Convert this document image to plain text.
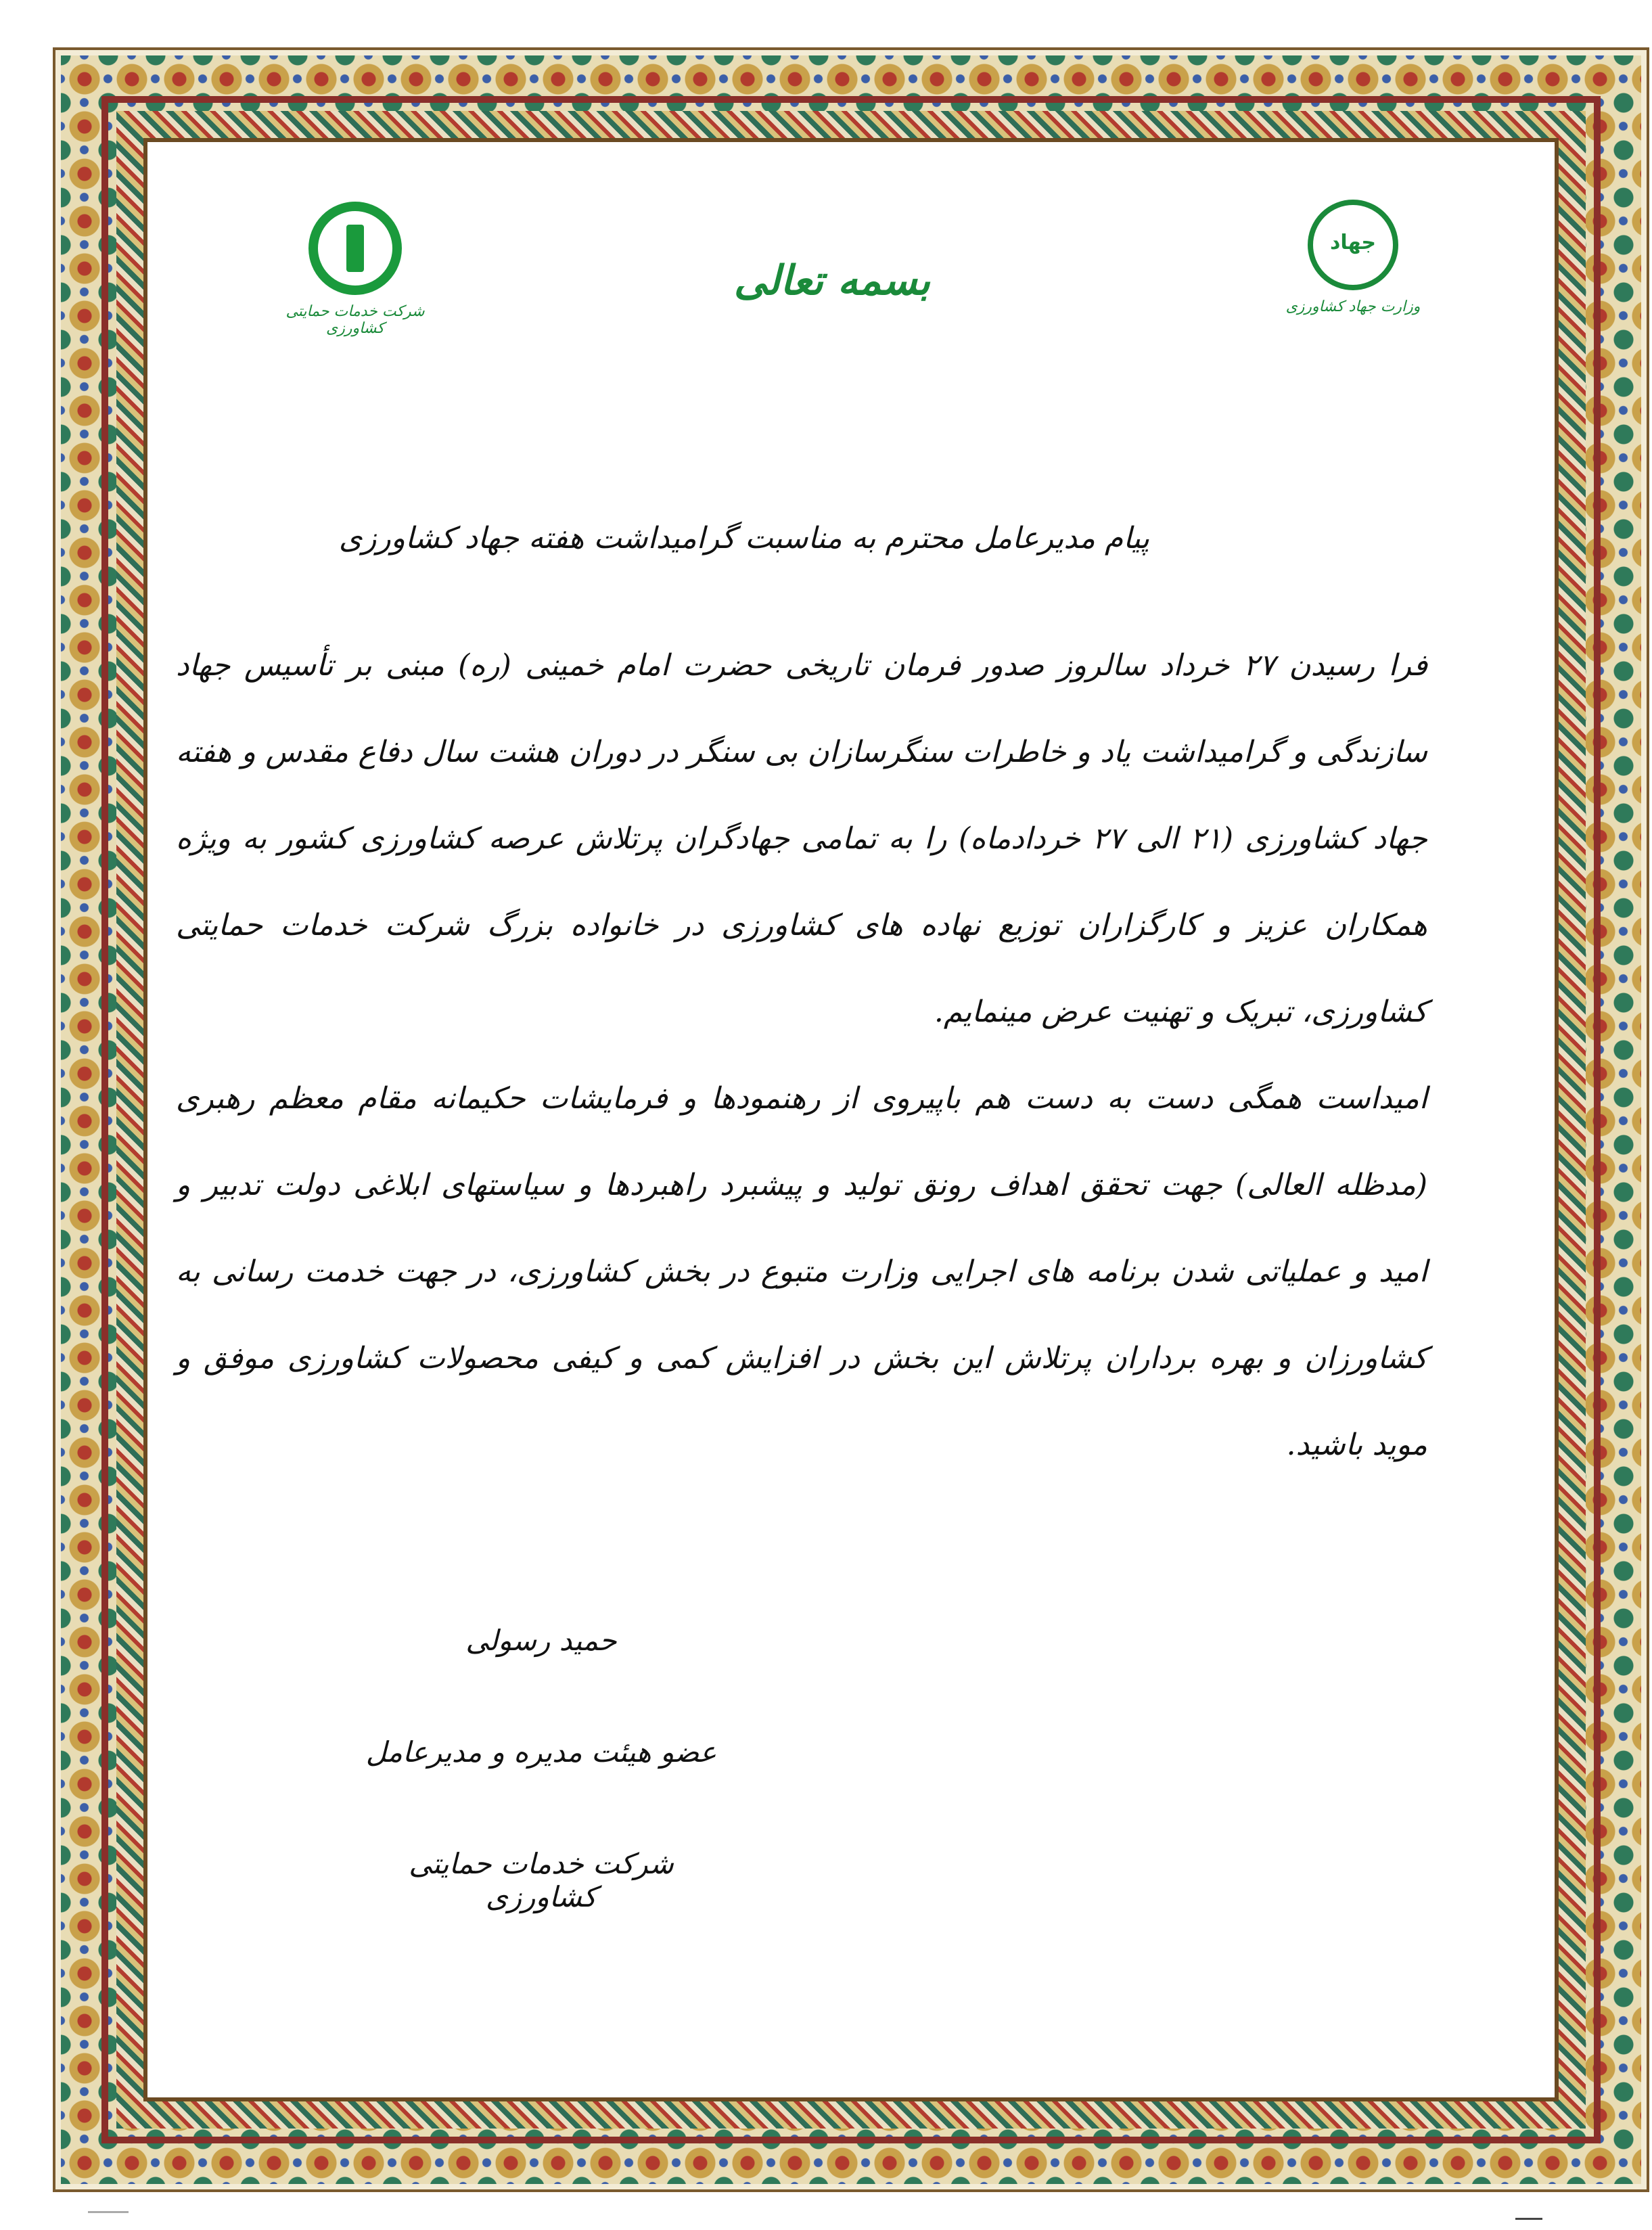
شرکت خدمات حمایتی کشاورزی
بسمه تعالی
جهاد
وزارت جهاد کشاورزی
پیام مدیرعامل محترم به مناسبت گرامیداشت هفته جهاد کشاورزی
فرا رسیدن ۲۷ خرداد سالروز صدور فرمان تاریخی حضرت امام خمینی (ره) مبنی بر تأسیس جهاد سازندگی و گرامیداشت یاد و خاطرات سنگرسازان بی سنگر در دوران هشت سال دفاع مقدس و هفته جهاد کشاورزی (۲۱ الی ۲۷ خردادماه) را به تمامی جهادگران پرتلاش عرصه کشاورزی کشور به ویژه همکاران عزیز و کارگزاران توزیع نهاده های کشاورزی در خانواده بزرگ شرکت خدمات حمایتی کشاورزی، تبریک و تهنیت عرض مینمایم.
امیداست همگی دست به دست هم باپیروی از رهنمودها و فرمایشات حکیمانه مقام معظم رهبری (مدظله العالی) جهت تحقق اهداف رونق تولید و پیشبرد راهبردها و سیاستهای ابلاغی دولت تدبیر و امید و عملیاتی شدن برنامه های اجرایی وزارت متبوع در بخش کشاورزی، در جهت خدمت رسانی به کشاورزان و بهره برداران پرتلاش این بخش در افزایش کمی و کیفی محصولات کشاورزی موفق و موید باشید.
حمید رسولی
عضو هیئت مدیره و مدیرعامل
شرکت خدمات حمایتی کشاورزی
